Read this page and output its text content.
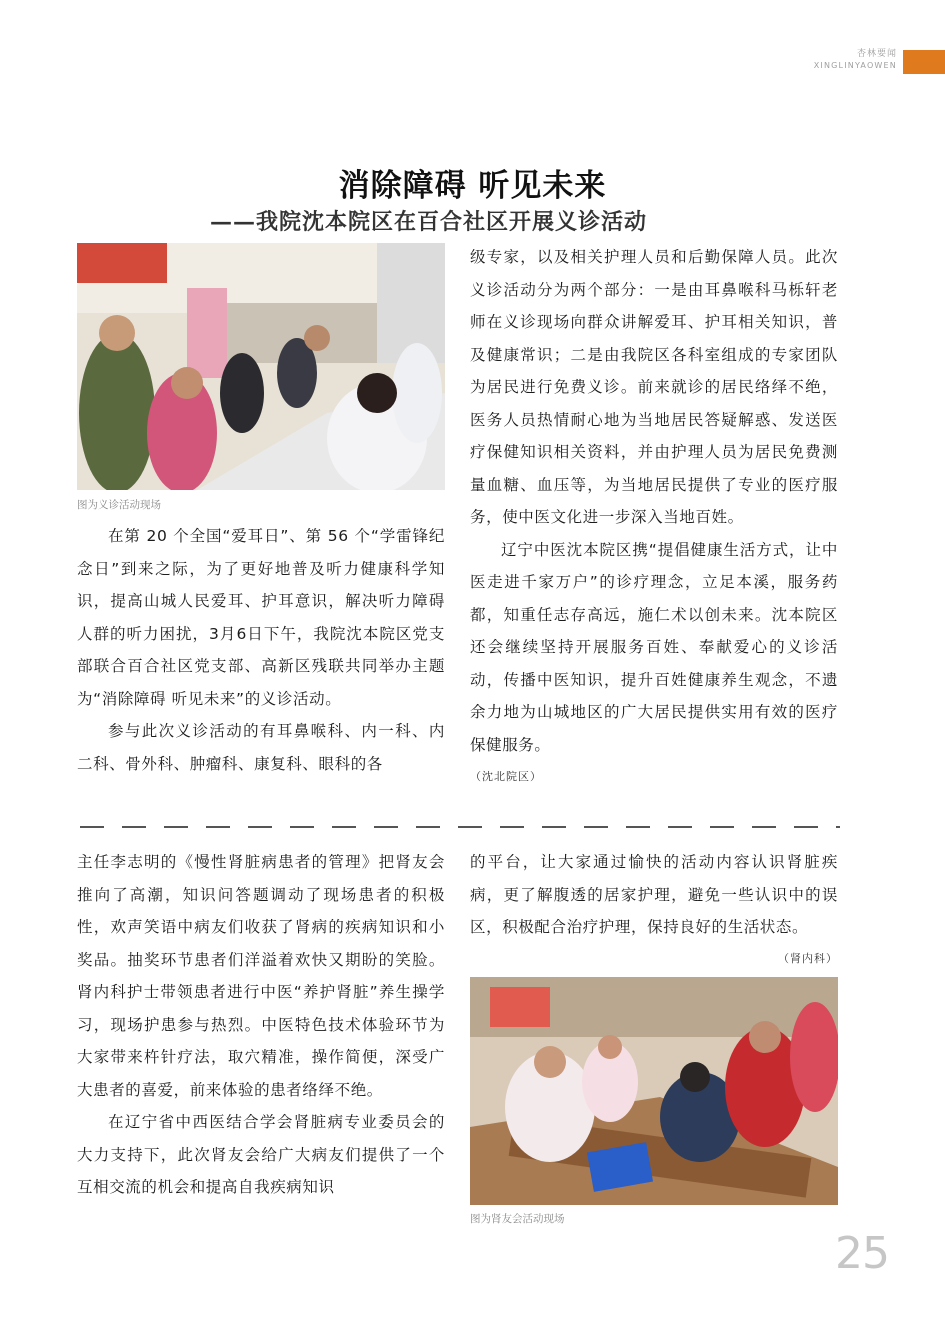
杏林要闻
XINGLINYAOWEN
消除障碍 听见未来
——我院沈本院区在百合社区开展义诊活动
图为义诊活动现场

在第 20 个全国“爱耳日”、第 56 个“学雷锋纪念日”到来之际，为了更好地普及听力健康科学知识，提高山城人民爱耳、护耳意识，解决听力障碍人群的听力困扰，3月6日下午，我院沈本院区党支部联合百合社区党支部、高新区残联共同举办主题为“消除障碍 听见未来”的义诊活动。

参与此次义诊活动的有耳鼻喉科、内一科、内二科、骨外科、肿瘤科、康复科、眼科的各

级专家，以及相关护理人员和后勤保障人员。此次义诊活动分为两个部分：一是由耳鼻喉科马栎轩老师在义诊现场向群众讲解爱耳、护耳相关知识，普及健康常识；二是由我院区各科室组成的专家团队为居民进行免费义诊。前来就诊的居民络绎不绝，医务人员热情耐心地为当地居民答疑解惑、发送医疗保健知识相关资料，并由护理人员为居民免费测量血糖、血压等，为当地居民提供了专业的医疗服务，使中医文化进一步深入当地百姓。

辽宁中医沈本院区携“提倡健康生活方式，让中医走进千家万户”的诊疗理念，立足本溪，服务药都，知重任志存高远，施仁术以创未来。沈本院区还会继续坚持开展服务百姓、奉献爱心的义诊活动，传播中医知识，提升百姓健康养生观念，不遗余力地为山城地区的广大居民提供实用有效的医疗保健服务。

（沈北院区）

主任李志明的《慢性肾脏病患者的管理》把肾友会推向了高潮，知识问答题调动了现场患者的积极性，欢声笑语中病友们收获了肾病的疾病知识和小奖品。抽奖环节患者们洋溢着欢快又期盼的笑脸。肾内科护士带领患者进行中医“养护肾脏”养生操学习，现场护患参与热烈。中医特色技术体验环节为大家带来杵针疗法，取穴精准，操作简便，深受广大患者的喜爱，前来体验的患者络绎不绝。

在辽宁省中西医结合学会肾脏病专业委员会的大力支持下，此次肾友会给广大病友们提供了一个互相交流的机会和提高自我疾病知识

的平台，让大家通过愉快的活动内容认识肾脏疾病，更了解腹透的居家护理，避免一些认识中的误区，积极配合治疗护理，保持良好的生活状态。

（肾内科）
图为肾友会活动现场
25
